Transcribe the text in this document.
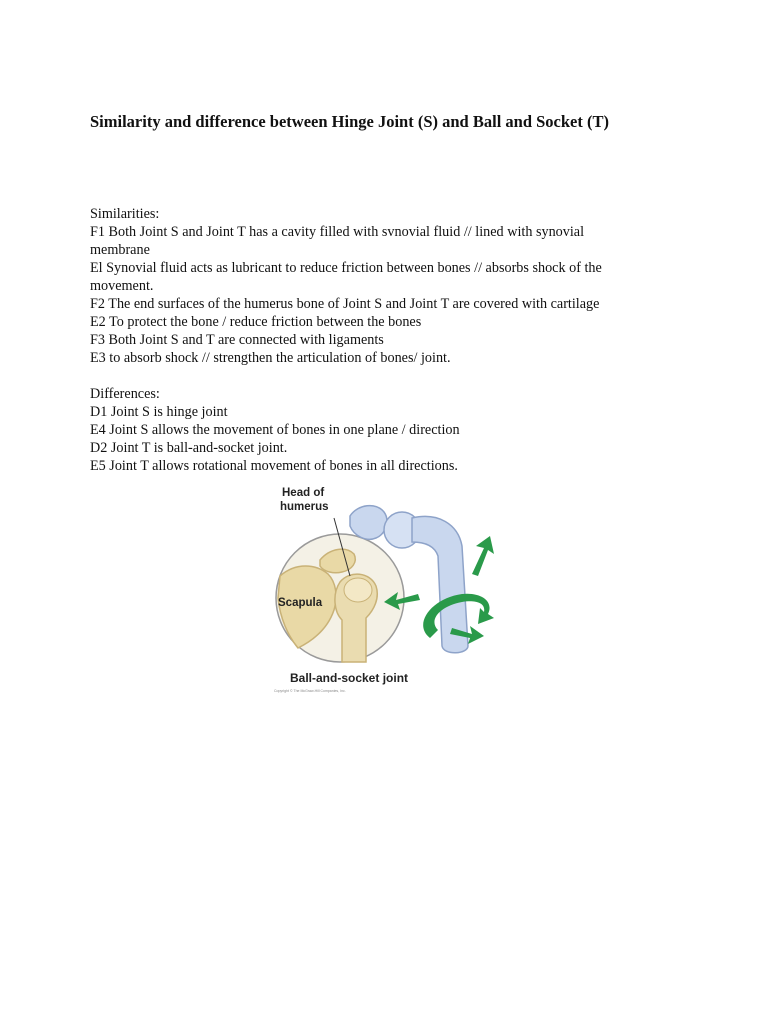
Similarity and difference between Hinge Joint (S) and Ball and Socket (T)
Similarities:
F1 Both Joint S and Joint T has a cavity filled with svnovial fluid // lined with synovial
membrane
El Synovial fluid acts as lubricant to reduce friction between bones // absorbs shock of the
movement.
F2 The end surfaces of the humerus bone of Joint S and Joint T are covered with cartilage
E2 To protect the bone / reduce friction between the bones
F3 Both Joint S and T are connected with ligaments
E3 to absorb shock // strengthen the articulation of bones/ joint.
Differences:
D1 Joint S is hinge joint
E4 Joint S allows the movement of bones in one plane / direction
D2 Joint T is ball-and-socket joint.
E5 Joint T allows rotational movement of bones in all directions.
Head of
humerus
Scapula
Ball-and-socket joint
Copyright © The McGraw-Hill Companies, Inc.
